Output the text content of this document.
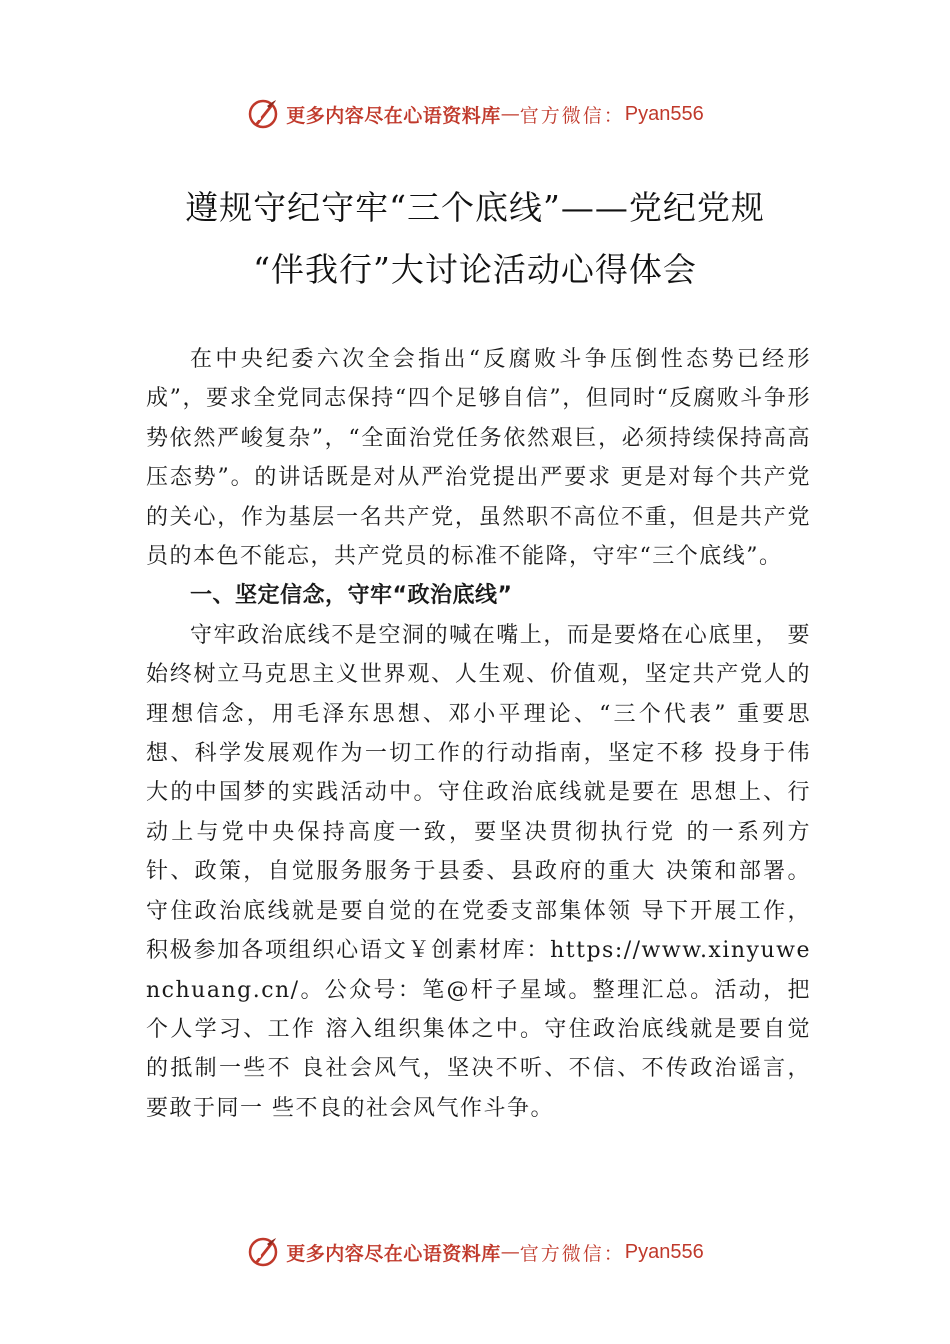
更多内容尽在心语资料库 — 官方微信： Pyan556
遵规守纪守牢“三个底线”——党纪党规
“伴我行”大讨论活动心得体会

在中央纪委六次全会指出“反腐败斗争压倒性态势已经形成”，要求全党同志保持“四个足够自信”，但同时“反腐败斗争形势依然严峻复杂”，“全面治党任务依然艰巨，必须持续保持高高压态势”。的讲话既是对从严治党提出严要求 更是对每个共产党的关心，作为基层一名共产党，虽然职不高位不重，但是共产党员的本色不能忘，共产党员的标准不能降，守牢“三个底线”。

一、坚定信念，守牢“政治底线”

守牢政治底线不是空洞的喊在嘴上，而是要烙在心底里， 要始终树立马克思主义世界观、人生观、价值观，坚定共产党人的理想信念，用毛泽东思想、邓小平理论、“三个代表” 重要思想、科学发展观作为一切工作的行动指南，坚定不移 投身于伟大的中国梦的实践活动中。守住政治底线就是要在 思想上、行动上与党中央保持高度一致，要坚决贯彻执行党 的一系列方针、政策，自觉服务服务于县委、县政府的重大 决策和部署。守住政治底线就是要自觉的在党委支部集体领 导下开展工作，积极参加各项组织心语文￥创素材库：https://www.xinyuwenchuang.cn/。公众号：笔@杆子星域。整理汇总。活动，把个人学习、工作 溶入组织集体之中。守住政治底线就是要自觉的抵制一些不 良社会风气，坚决不听、不信、不传政治谣言，要敢于同一 些不良的社会风气作斗争。

更多内容尽在心语资料库 — 官方微信： Pyan556
